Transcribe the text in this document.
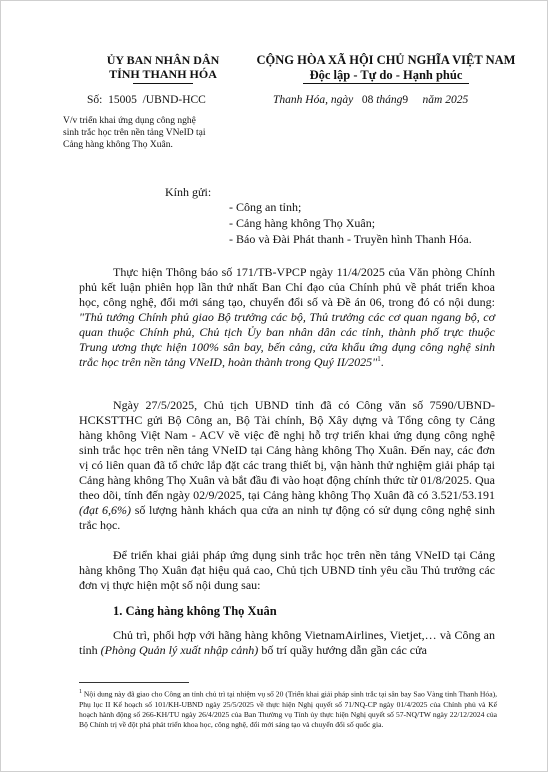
ỦY BAN NHÂN DÂN
TỈNH THANH HÓA
CỘNG HÒA XÃ HỘI CHỦ NGHĨA VIỆT NAM
Độc lập - Tự do - Hạnh phúc
Số: 15005 /UBND-HCC	Thanh Hóa, ngày 08 tháng9 năm 2025
V/v triển khai ứng dụng công nghệ
sinh trắc học trên nền tảng VNeID tại
Cảng hàng không Thọ Xuân.
Kính gửi:
- Công an tỉnh;
- Cảng hàng không Thọ Xuân;
- Báo và Đài Phát thanh - Truyền hình Thanh Hóa.
Thực hiện Thông báo số 171/TB-VPCP ngày 11/4/2025 của Văn phòng Chính phủ kết luận phiên họp lần thứ nhất Ban Chỉ đạo của Chính phủ về phát triển khoa học, công nghệ, đổi mới sáng tạo, chuyển đổi số và Đề án 06, trong đó có nội dung: "Thủ tướng Chính phủ giao Bộ trưởng các bộ, Thủ trưởng các cơ quan ngang bộ, cơ quan thuộc Chính phủ, Chủ tịch Ủy ban nhân dân các tỉnh, thành phố trực thuộc Trung ương thực hiện 100% sân bay, bến cảng, cửa khẩu ứng dụng công nghệ sinh trắc học trên nền tảng VNeID, hoàn thành trong Quý II/2025"$^1$.
Ngày 27/5/2025, Chủ tịch UBND tỉnh đã có Công văn số 7590/UBND- HCKSTTHC gửi Bộ Công an, Bộ Tài chính, Bộ Xây dựng và Tổng công ty Cảng hàng không Việt Nam - ACV về việc đề nghị hỗ trợ triển khai ứng dụng công nghệ sinh trắc học trên nền tảng VNeID tại Cảng hàng không Thọ Xuân. Đến nay, các đơn vị có liên quan đã tổ chức lắp đặt các trang thiết bị, vận hành thử nghiệm giải pháp tại Cảng hàng không Thọ Xuân và bắt đầu đi vào hoạt động chính thức từ 01/8/2025. Qua theo dõi, tính đến ngày 02/9/2025, tại Cảng hàng không Thọ Xuân đã có 3.521/53.191 (đạt 6,6%) số lượng hành khách qua cửa an ninh tự động có sử dụng công nghệ sinh trắc học.
Để triển khai giải pháp ứng dụng sinh trắc học trên nền tảng VNeID tại Cảng hàng không Thọ Xuân đạt hiệu quả cao, Chủ tịch UBND tỉnh yêu cầu Thủ trưởng các đơn vị thực hiện một số nội dung sau:
1. Cảng hàng không Thọ Xuân
Chủ trì, phối hợp với hãng hàng không VietnamAirlines, Vietjet,… và Công an tỉnh (Phòng Quản lý xuất nhập cảnh) bố trí quầy hướng dẫn gần các cửa
$^1$ Nội dung này đã giao cho Công an tỉnh chủ trì tại nhiệm vụ số 20 (Triển khai giải pháp sinh trắc tại sân bay Sao Vàng tỉnh Thanh Hóa), Phụ lục II Kế hoạch số 101/KH-UBND ngày 25/5/2025 về thực hiện Nghị quyết số 71/NQ-CP ngày 01/4/2025 của Chính phủ và Kế hoạch hành động số 266-KH/TU ngày 26/4/2025 của Ban Thường vụ Tỉnh ủy thực hiện Nghị quyết số 57-NQ/TW ngày 22/12/2024 của Bộ Chính trị về đột phá phát triển khoa học, công nghệ, đổi mới sáng tạo và chuyển đổi số quốc gia.
